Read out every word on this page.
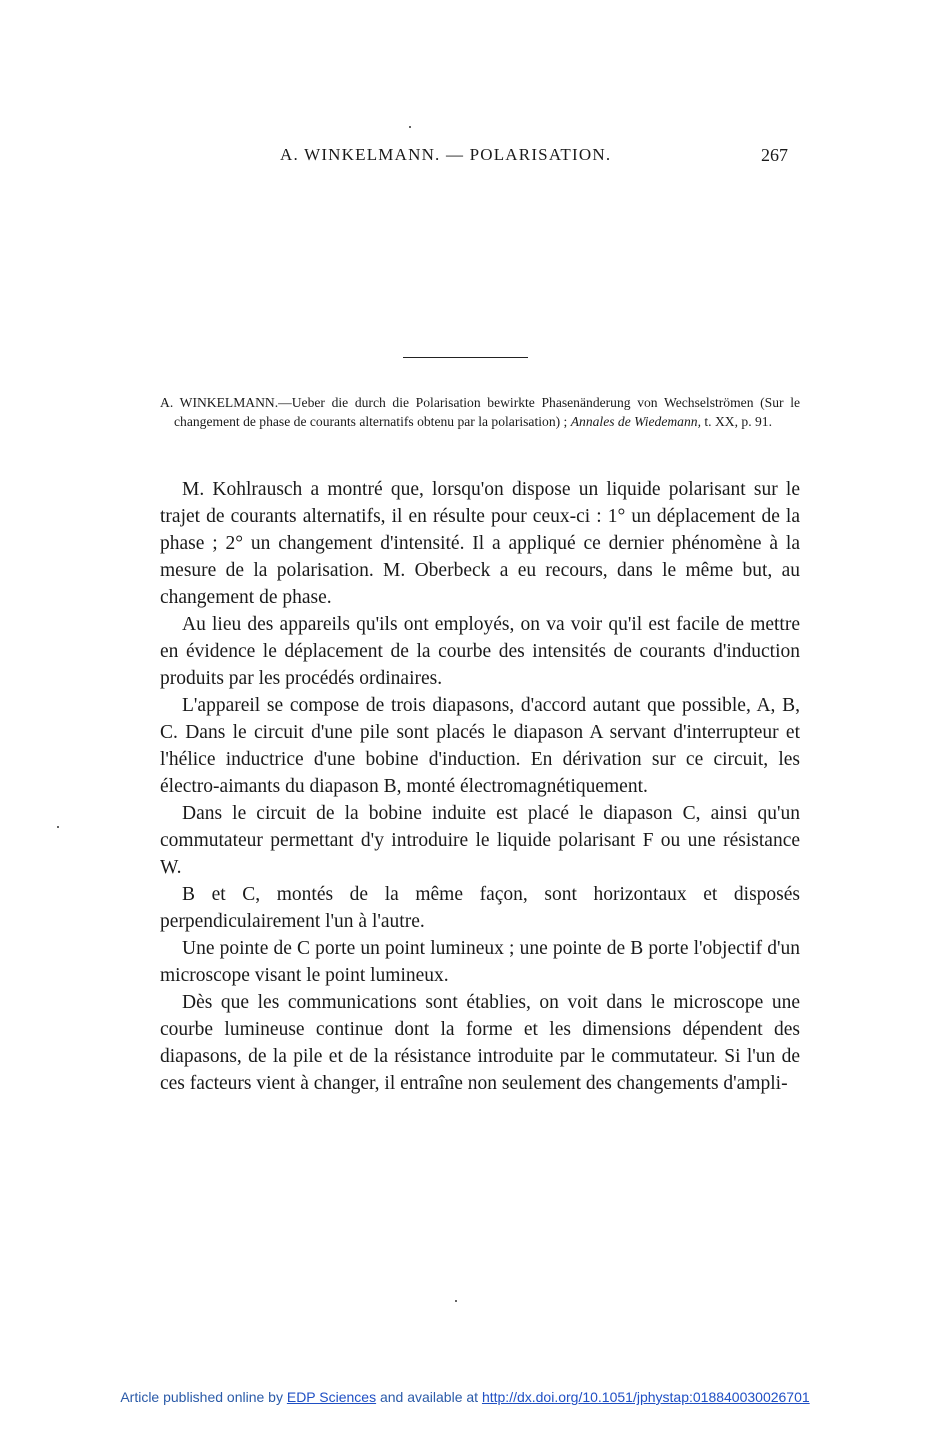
A. WINKELMANN. — POLARISATION.	267

A. WINKELMANN.—Ueber die durch die Polarisation bewirkte Phasenänderung von Wechselströmen (Sur le changement de phase de courants alternatifs obtenu par la polarisation) ; Annales de Wiedemann, t. XX, p. 91.

M. Kohlrausch a montré que, lorsqu'on dispose un liquide polarisant sur le trajet de courants alternatifs, il en résulte pour ceux-ci : 1° un déplacement de la phase ; 2° un changement d'intensité. Il a appliqué ce dernier phénomène à la mesure de la polarisation. M. Oberbeck a eu recours, dans le même but, au changement de phase.

Au lieu des appareils qu'ils ont employés, on va voir qu'il est facile de mettre en évidence le déplacement de la courbe des intensités de courants d'induction produits par les procédés ordinaires.

L'appareil se compose de trois diapasons, d'accord autant que possible, A, B, C. Dans le circuit d'une pile sont placés le diapason A servant d'interrupteur et l'hélice inductrice d'une bobine d'induction. En dérivation sur ce circuit, les électro-aimants du diapason B, monté électromagnétiquement.

Dans le circuit de la bobine induite est placé le diapason C, ainsi qu'un commutateur permettant d'y introduire le liquide polarisant F ou une résistance W.

B et C, montés de la même façon, sont horizontaux et disposés perpendiculairement l'un à l'autre.

Une pointe de C porte un point lumineux ; une pointe de B porte l'objectif d'un microscope visant le point lumineux.

Dès que les communications sont établies, on voit dans le microscope une courbe lumineuse continue dont la forme et les dimensions dépendent des diapasons, de la pile et de la résistance introduite par le commutateur. Si l'un de ces facteurs vient à changer, il entraîne non seulement des changements d'ampli-

Article published online by EDP Sciences and available at http://dx.doi.org/10.1051/jphystap:018840030026701
